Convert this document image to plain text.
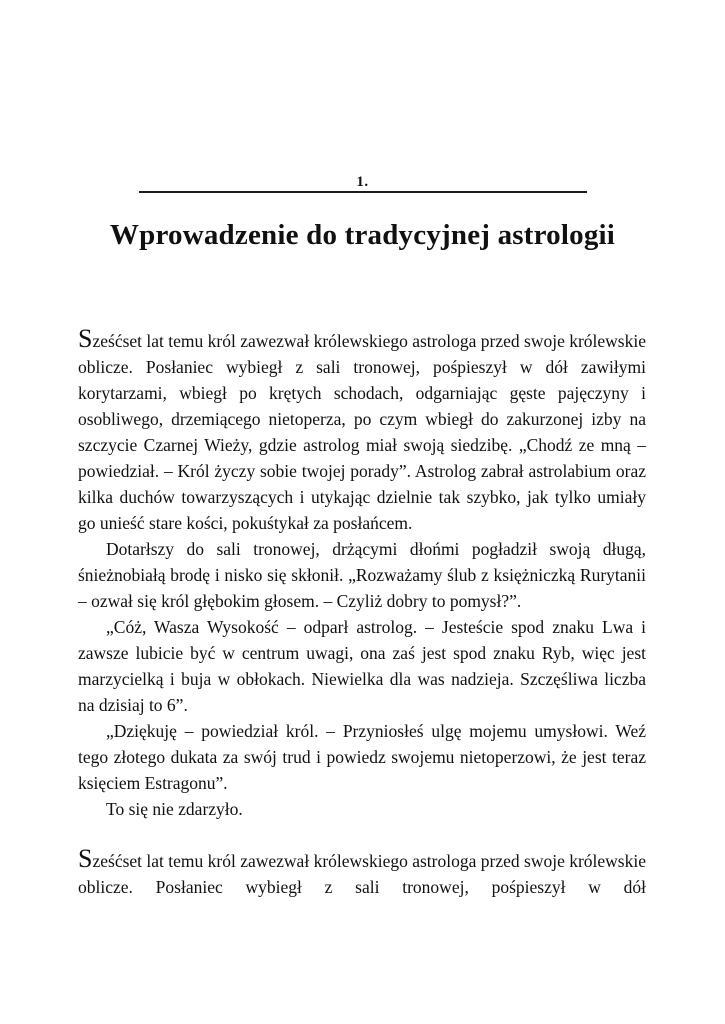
1.
Wprowadzenie do tradycyjnej astrologii

Sześćset lat temu król zawezwał królewskiego astrologa przed swoje królewskie oblicze. Posłaniec wybiegł z sali tronowej, pośpieszył w dół zawiłymi korytarzami, wbiegł po krętych schodach, odgarniając gęste pajęczyny i osobliwego, drzemiącego nietoperza, po czym wbiegł do zakurzonej izby na szczycie Czarnej Wieży, gdzie astrolog miał swoją siedzibę. „Chodź ze mną – powiedział. – Król życzy sobie twojej porady”. Astrolog zabrał astrolabium oraz kilka duchów towarzyszących i utykając dzielnie tak szybko, jak tylko umiały go unieść stare kości, pokuśtykał za posłańcem.

Dotarłszy do sali tronowej, drżącymi dłońmi pogładził swoją długą, śnieżnobiałą brodę i nisko się skłonił. „Rozważamy ślub z księżniczką Rurytanii – ozwał się król głębokim głosem. – Czyliż dobry to pomysł?”.

„Cóż, Wasza Wysokość – odparł astrolog. – Jesteście spod znaku Lwa i zawsze lubicie być w centrum uwagi, ona zaś jest spod znaku Ryb, więc jest marzycielką i buja w obłokach. Niewielka dla was nadzieja. Szczęśliwa liczba na dzisiaj to 6”.

„Dziękuję – powiedział król. – Przyniosłeś ulgę mojemu umysłowi. Weź tego złotego dukata za swój trud i powiedz swojemu nietoperzowi, że jest teraz księciem Estragonu”.

To się nie zdarzyło.

Sześćset lat temu król zawezwał królewskiego astrologa przed swoje królewskie oblicze. Posłaniec wybiegł z sali tronowej, pośpieszył w dół
